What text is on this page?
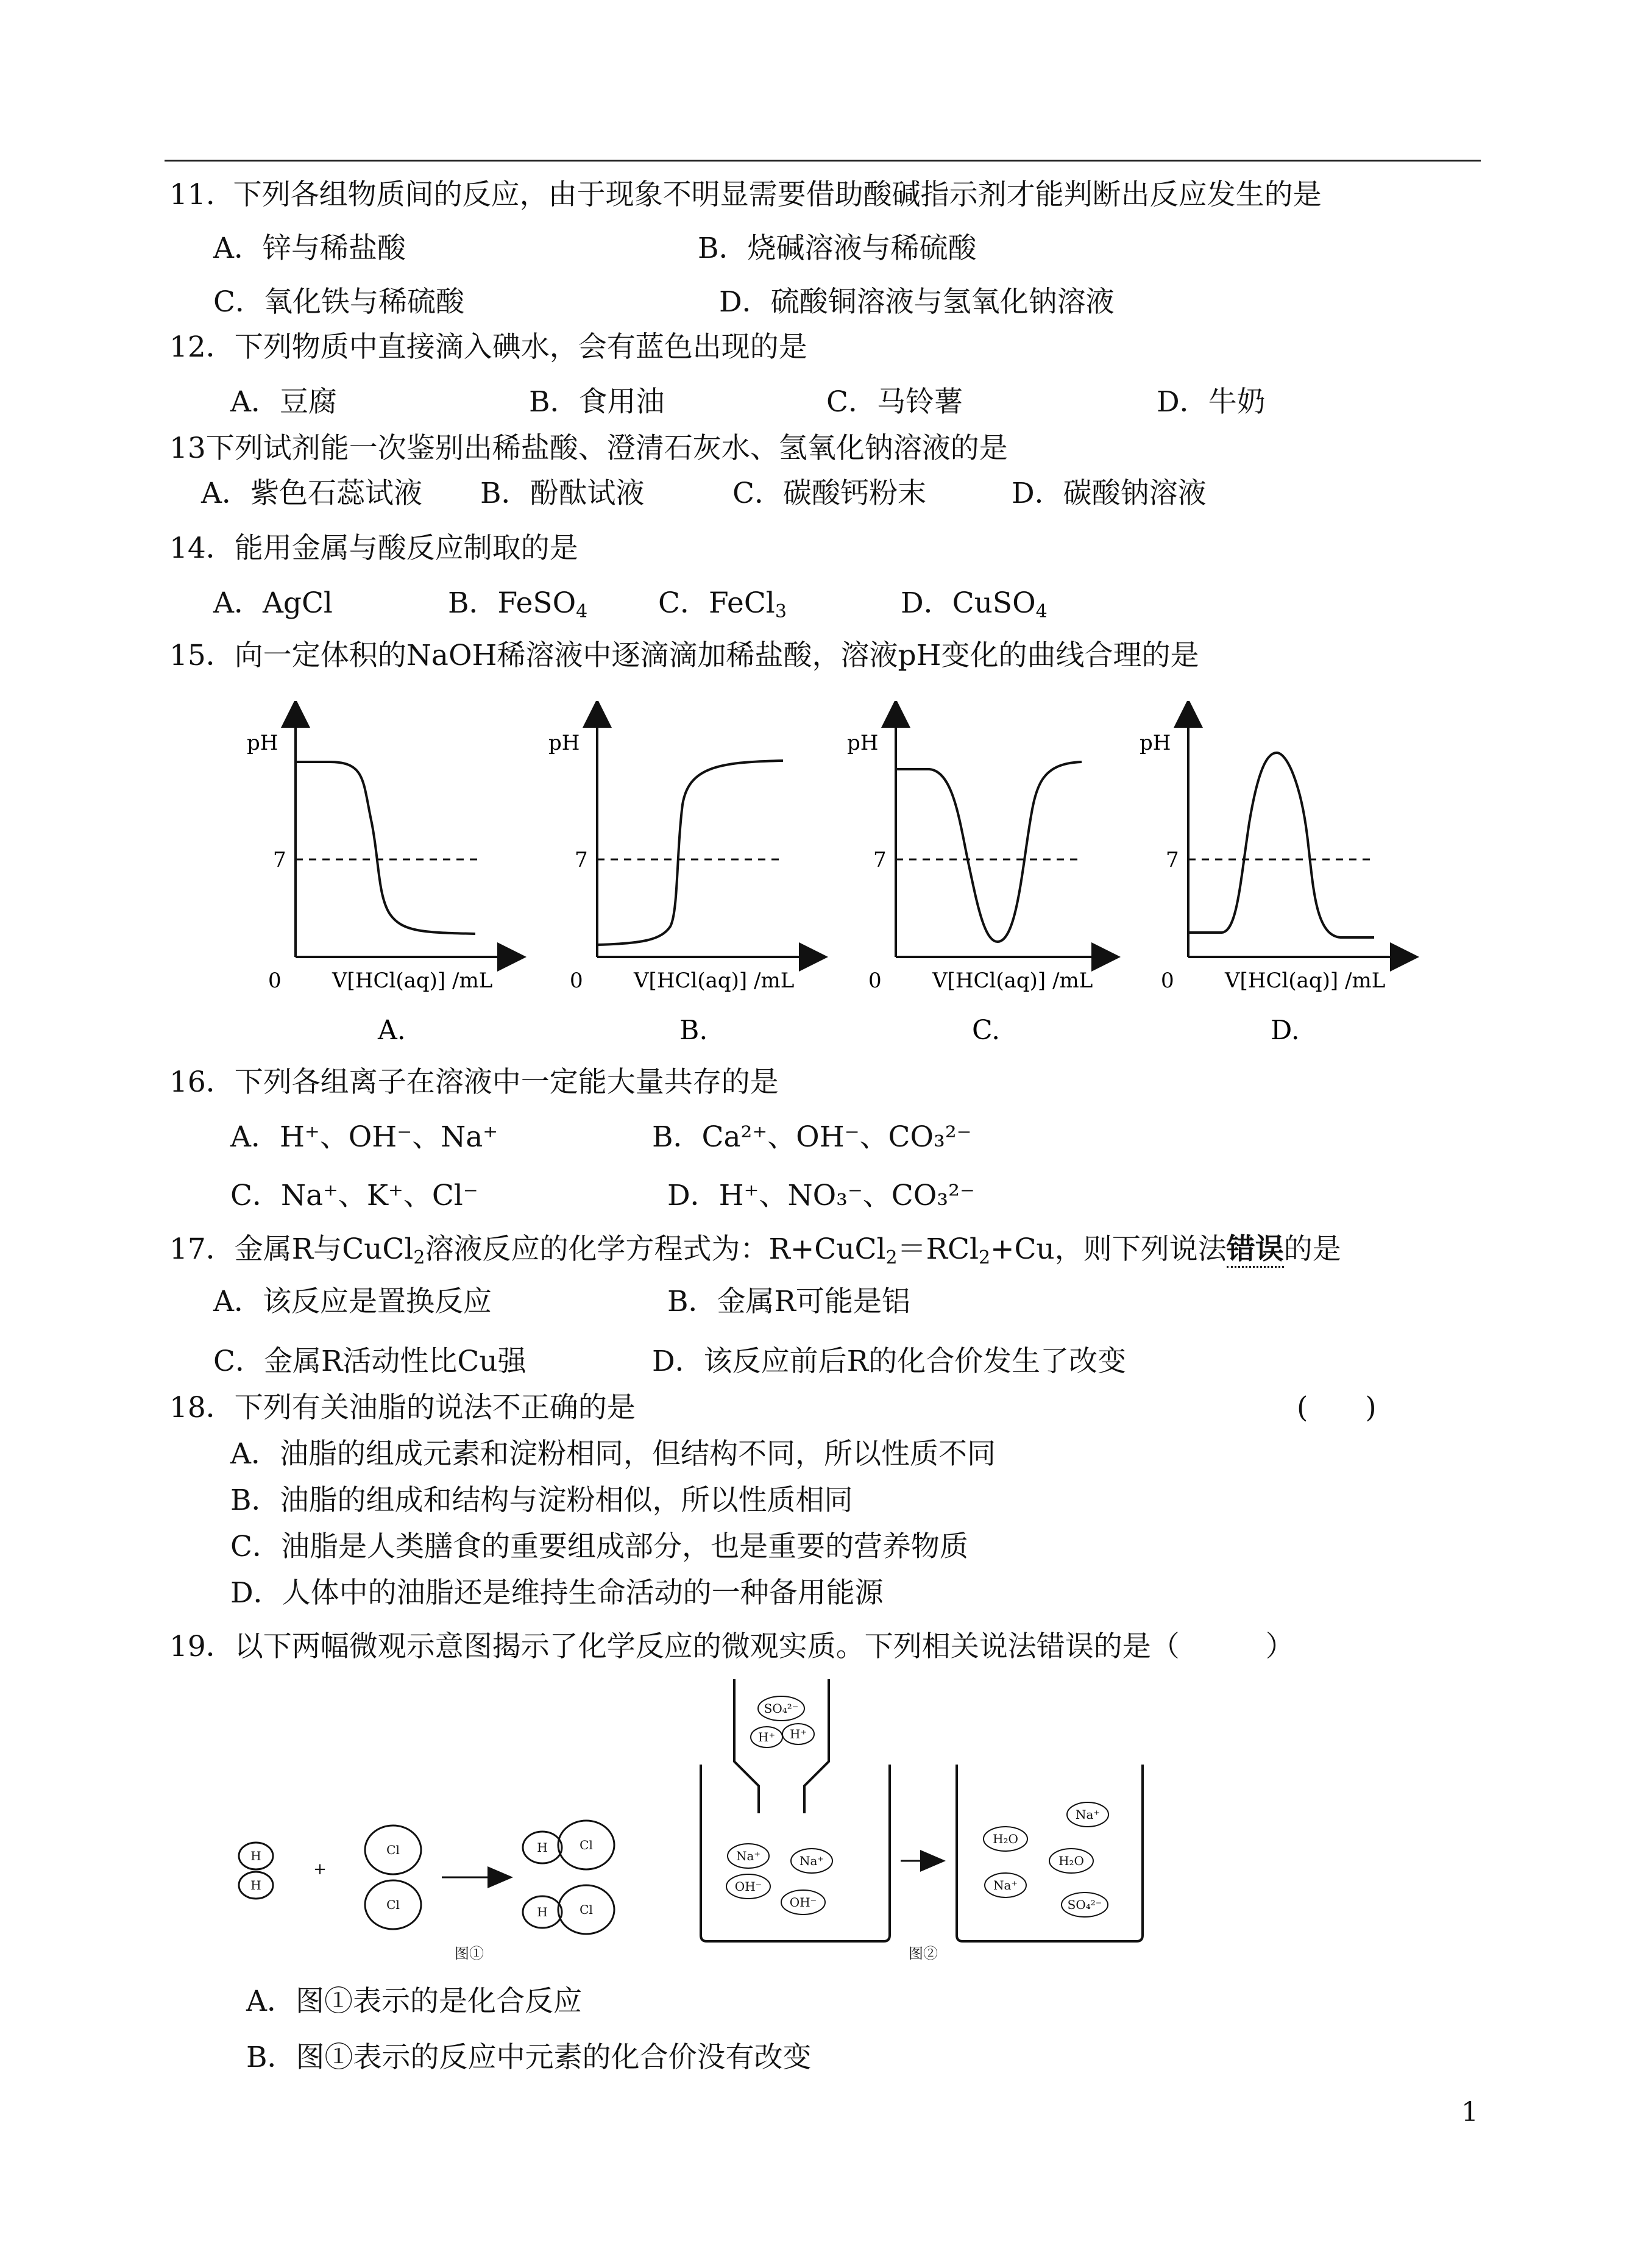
11.  下列各组物质间的反应，由于现象不明显需要借助酸碱指示剂才能判断出反应发生的是
A．锌与稀盐酸	B．烧碱溶液与稀硫酸
C．氧化铁与稀硫酸	D．硫酸铜溶液与氢氧化钠溶液
12．下列物质中直接滴入碘水，会有蓝色出现的是
A．豆腐	B．食用油	C．马铃薯	D．牛奶
13下列试剂能一次鉴别出稀盐酸、澄清石灰水、氢氧化钠溶液的是
A．紫色石蕊试液 B．酚酞试液	C．碳酸钙粉末	D．碳酸钠溶液
14．能用金属与酸反应制取的是
A．AgCl	B．FeSO$_4$ C．FeCl$_3$	D．CuSO$_4$
15．向一定体积的NaOH稀溶液中逐滴滴加稀盐酸，溶液pH变化的曲线合理的是
pH
7
0 V[HCl(aq)] /mL
A.
pH
7
0 V[HCl(aq)] /mL
B.
pH
7
0 V[HCl(aq)] /mL
C.
pH
7
0 V[HCl(aq)] /mL
D.
16．下列各组离子在溶液中一定能大量共存的是
A．H⁺、OH⁻、Na⁺	B．Ca²⁺、OH⁻、CO₃²⁻
C．Na⁺、K⁺、Cl⁻	D．H⁺、NO₃⁻、CO₃²⁻
17．金属R与CuCl$_2$溶液反应的化学方程式为：R+CuCl$_2$＝RCl$_2$+Cu，则下列说法错误的是
A．该反应是置换反应	B．金属R可能是铝
C．金属R活动性比Cu强	D．该反应前后R的化合价发生了改变
18．下列有关油脂的说法不正确的是	(　　)
A．油脂的组成元素和淀粉相同，但结构不同，所以性质不同
B．油脂的组成和结构与淀粉相似，所以性质相同
C．油脂是人类膳食的重要组成部分，也是重要的营养物质
D．人体中的油脂还是维持生命活动的一种备用能源
19．以下两幅微观示意图揭示了化学反应的微观实质。下列相关说法错误的是（　　　）
H
H
+
Cl
Cl
H	Cl
H	Cl
图①
SO₄²⁻
H⁺ H⁺
Na⁺	Na⁺
OH⁻
OH⁻
Na⁺
H₂O
H₂O
Na⁺
SO₄²⁻
图②
A．图①表示的是化合反应
B．图①表示的反应中元素的化合价没有改变
1
